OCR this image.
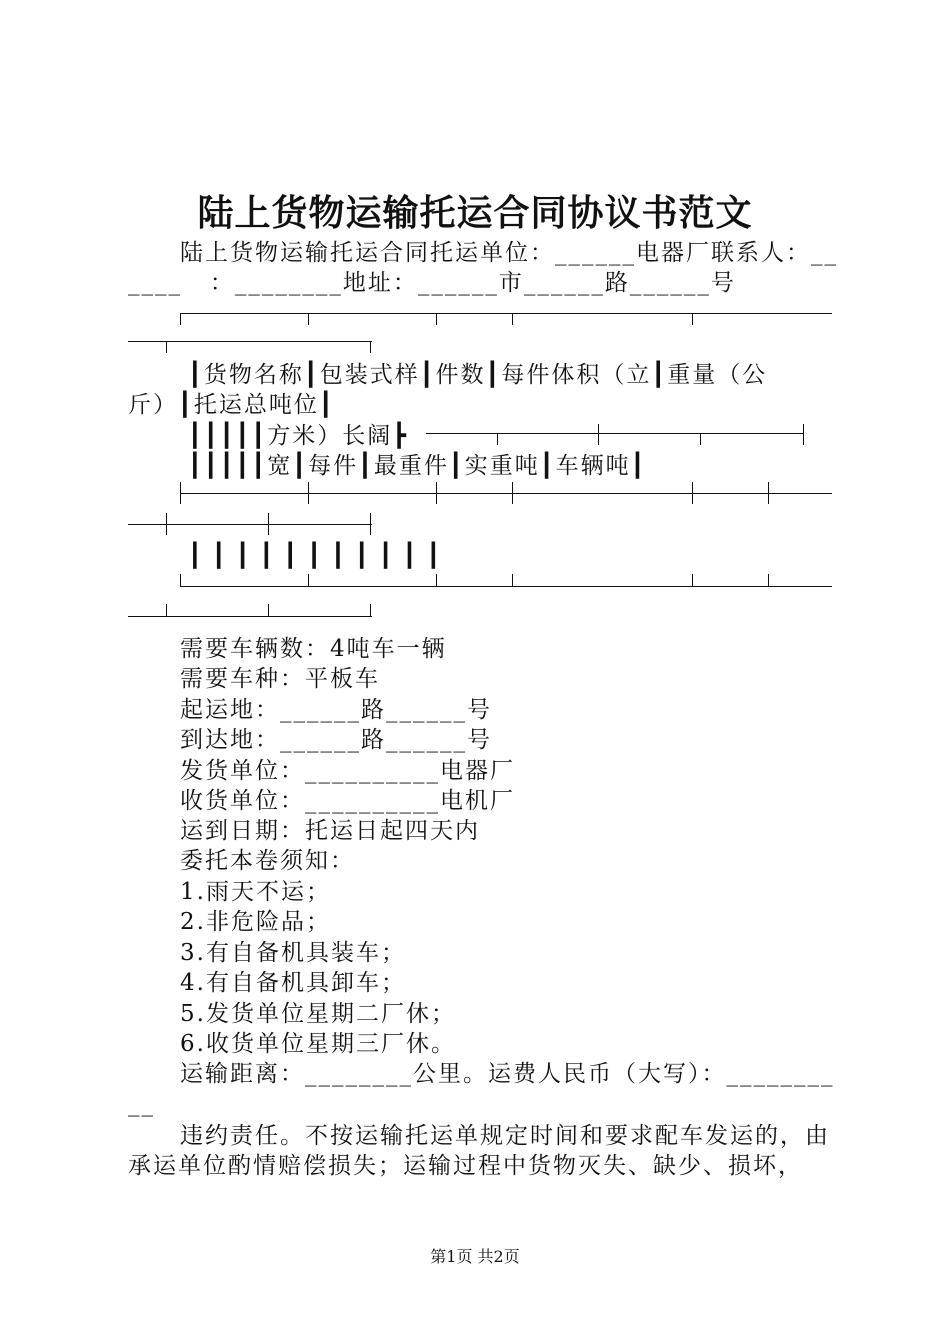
陆上货物运输托运合同协议书范文
陆上货物运输托运合同托运单位：______电器厂联系人：__
____   ：________地址：______市______路______号
┃货物名称┃包装式样┃件数┃每件体积（立┃重量（公
斤）┃托运总吨位┃
┃┃┃┃┃方米）长阔┣
┃┃┃┃┃宽┃每件┃最重件┃实重吨┃车辆吨┃
┃┃┃┃┃┃┃┃┃┃┃
需要车辆数：4吨车一辆
需要车种：平板车
起运地：______路______号
到达地：______路______号
发货单位：__________电器厂
收货单位：__________电机厂
运到日期：托运日起四天内
委托本卷须知：
1.雨天不运；
2.非危险品；
3.有自备机具装车；
4.有自备机具卸车；
5.发货单位星期二厂休；
6.收货单位星期三厂休。
运输距离：________公里。运费人民币（大写）：________
__
违约责任。不按运输托运单规定时间和要求配车发运的，由
承运单位酌情赔偿损失；运输过程中货物灭失、缺少、损坏，
第1页 共2页
